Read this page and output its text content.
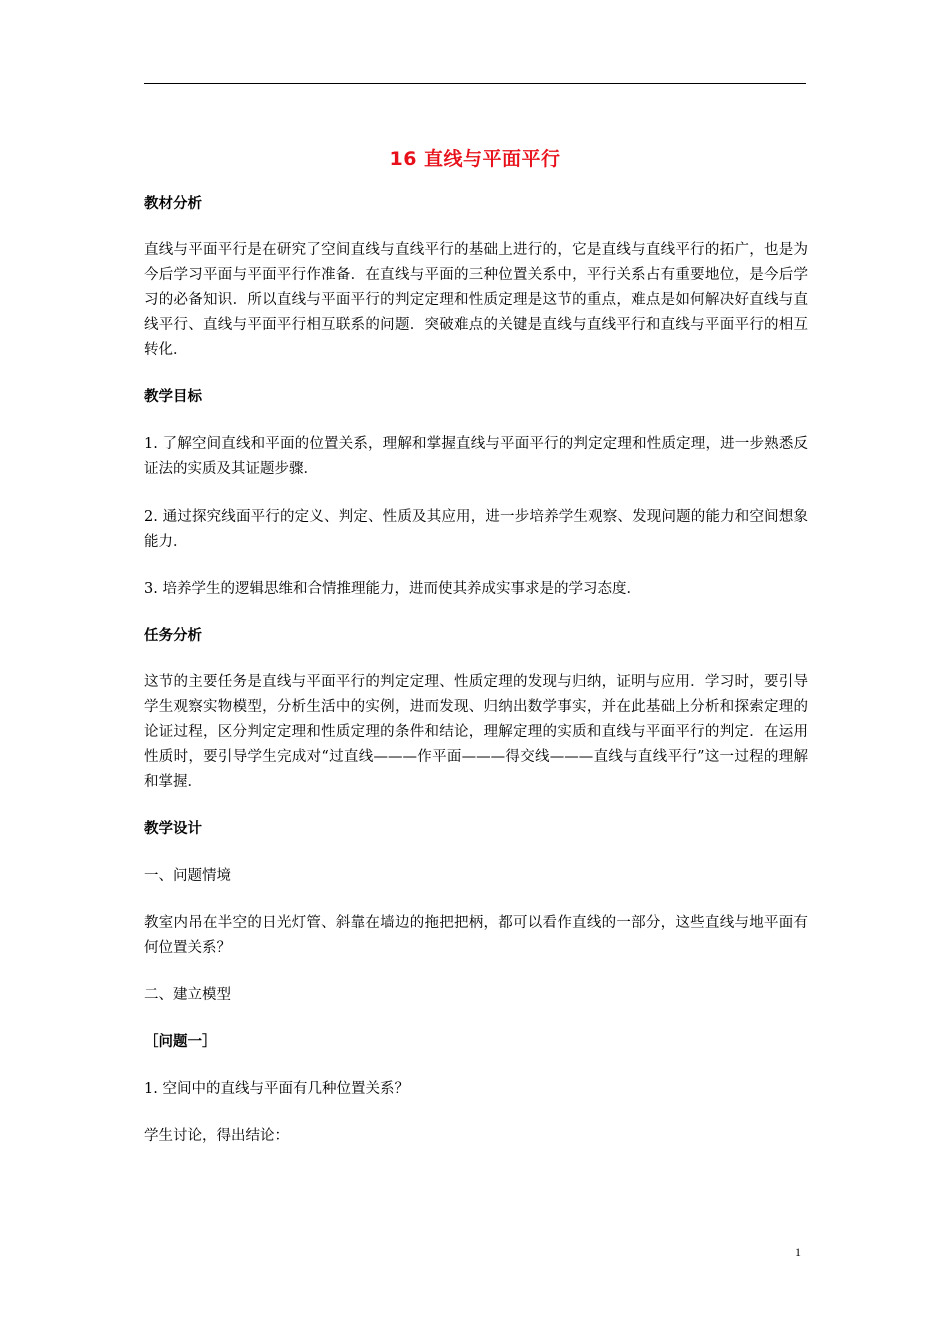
16 直线与平面平行
教材分析
直线与平面平行是在研究了空间直线与直线平行的基础上进行的，它是直线与直线平行的拓广，也是为今后学习平面与平面平行作准备．在直线与平面的三种位置关系中，平行关系占有重要地位，是今后学习的必备知识．所以直线与平面平行的判定定理和性质定理是这节的重点，难点是如何解决好直线与直线平行、直线与平面平行相互联系的问题．突破难点的关键是直线与直线平行和直线与平面平行的相互转化．
教学目标
1. 了解空间直线和平面的位置关系，理解和掌握直线与平面平行的判定定理和性质定理，进一步熟悉反证法的实质及其证题步骤．
2. 通过探究线面平行的定义、判定、性质及其应用，进一步培养学生观察、发现问题的能力和空间想象能力．
3. 培养学生的逻辑思维和合情推理能力，进而使其养成实事求是的学习态度．
任务分析
这节的主要任务是直线与平面平行的判定定理、性质定理的发现与归纳，证明与应用．学习时，要引导学生观察实物模型，分析生活中的实例，进而发现、归纳出数学事实，并在此基础上分析和探索定理的论证过程，区分判定定理和性质定理的条件和结论，理解定理的实质和直线与平面平行的判定．在运用性质时，要引导学生完成对“过直线———作平面———得交线———直线与直线平行”这一过程的理解和掌握．
教学设计
一、问题情境
教室内吊在半空的日光灯管、斜靠在墙边的拖把把柄，都可以看作直线的一部分，这些直线与地平面有何位置关系？
二、建立模型
［问题一］
1. 空间中的直线与平面有几种位置关系？
学生讨论，得出结论：
1
